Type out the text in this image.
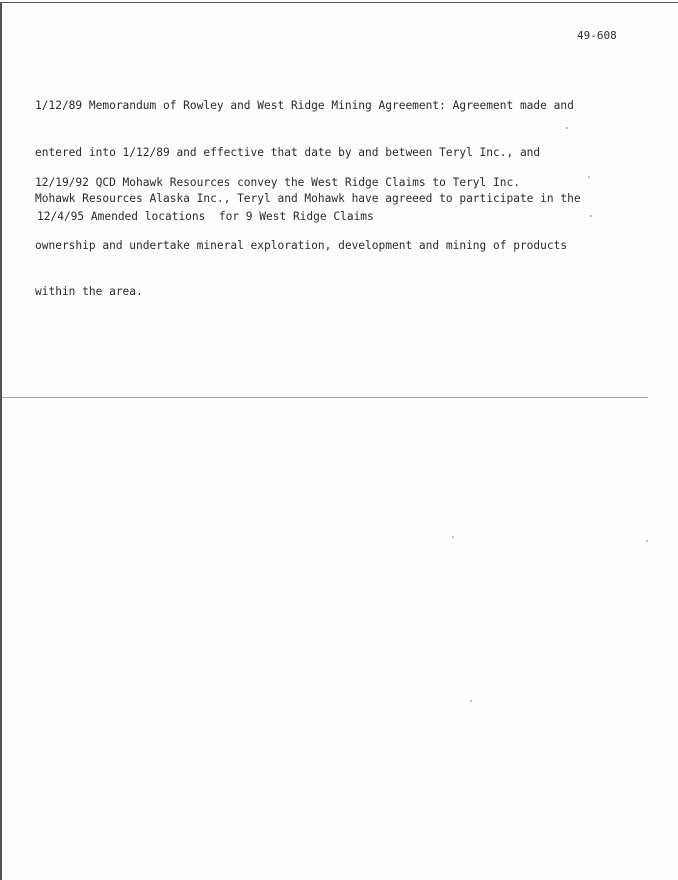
49-608

1/12/89 Memorandum of Rowley and West Ridge Mining Agreement: Agreement made and

entered into 1/12/89 and effective that date by and between Teryl Inc., and

Mohawk Resources Alaska Inc., Teryl and Mohawk have agreeed to participate in the

ownership and undertake mineral exploration, development and mining of products

within the area.

12/19/92 QCD Mohawk Resources convey the West Ridge Claims to Teryl Inc.

12/4/95 Amended locations  for 9 West Ridge Claims
